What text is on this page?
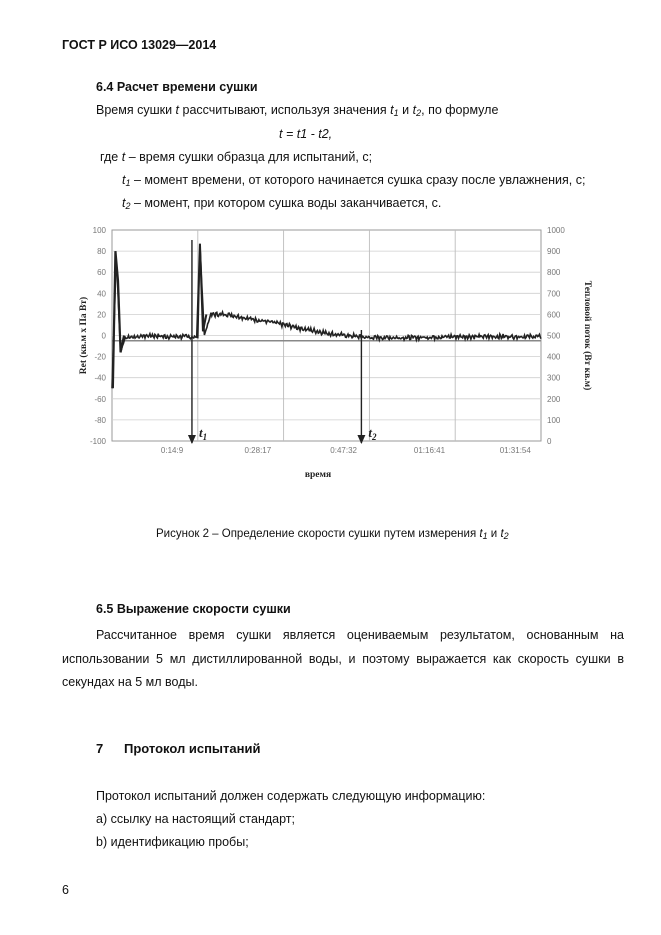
ГОСТ Р ИСО 13029—2014
6.4 Расчет времени сушки
Время сушки t рассчитывают, используя значения $t_1$ и $t_2$, по формуле
t = t1 - t2,
где t – время сушки образца для испытаний, с;
$t_1$ – момент времени, от которого начинается сушка сразу после увлажнения, с;
$t_2$ – момент, при котором сушка воды заканчивается, с.
$t_1$	$t_2$
0:14:9	0:28:17	0:47:32	01:16:41	01:31:54
100
80
60
40
20
0
-20
-40
-60
-80
-100
1000
900
800
700
600
500
400
300
200
100
0
Ret (кв.м х Па Вт)	Тепловой поток (Вт кв.м)
время
Рисунок 2 – Определение скорости сушки путем измерения $t_1$ и $t_2$
6.5 Выражение скорости сушки
Рассчитанное время сушки является оцениваемым результатом, основанным на использовании 5 мл дистиллированной воды, и поэтому выражается как скорость сушки в секундах на 5 мл воды.
7 Протокол испытаний
Протокол испытаний должен содержать следующую информацию:
а) ссылку на настоящий стандарт;
b) идентификацию пробы;
6
